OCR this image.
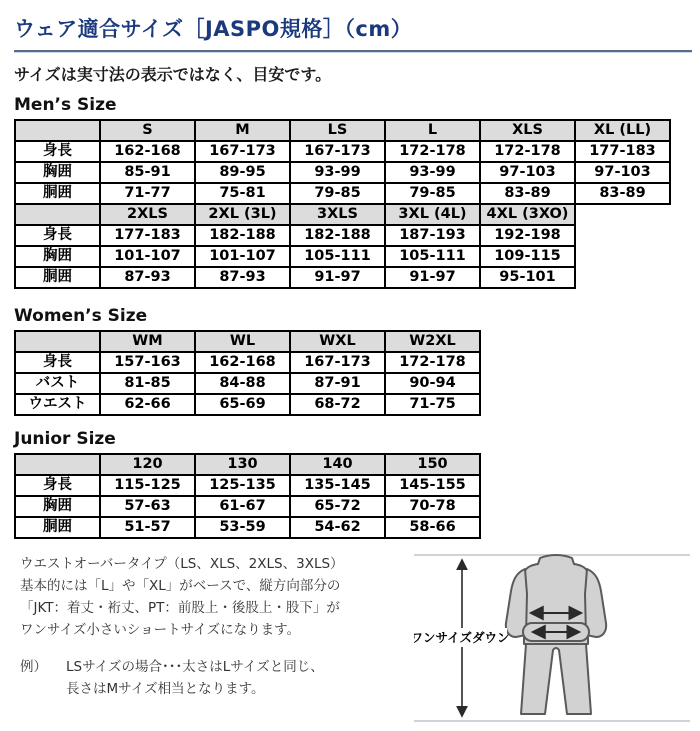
ウェア適合サイズ［JASPO規格］（cm）
サイズは実寸法の表示ではなく、目安です。
Men’s Size
	S	M	LS	L	XLS	XL (LL)
身長	162-168	167-173	167-173	172-178	172-178	177-183
胸囲	85-91	89-95	93-99	93-99	97-103	97-103
胴囲	71-77	75-81	79-85	79-85	83-89	83-89
	2XLS	2XL (3L)	3XLS	3XL (4L)	4XL (3XO)
身長	177-183	182-188	182-188	187-193	192-198
胸囲	101-107	101-107	105-111	105-111	109-115
胴囲	87-93	87-93	91-97	91-97	95-101
Women’s Size
	WM	WL	WXL	W2XL
身長	157-163	162-168	167-173	172-178
バスト	81-85	84-88	87-91	90-94
ウエスト	62-66	65-69	68-72	71-75
Junior Size
	120	130	140	150
身長	115-125	125-135	135-145	145-155
胸囲	57-63	61-67	65-72	70-78
胴囲	51-57	53-59	54-62	58-66
ウエストオーバータイプ（LS、XLS、2XLS、3XLS）
基本的には「L」や「XL」がベースで、縦方向部分の
「JKT：着丈・裄丈、PT：前股上・後股上・股下」が
ワンサイズ小さいショートサイズになります。
例）	LSサイズの場合･･･太さはLサイズと同じ、
長さはMサイズ相当となります。
ワンサイズダウン
